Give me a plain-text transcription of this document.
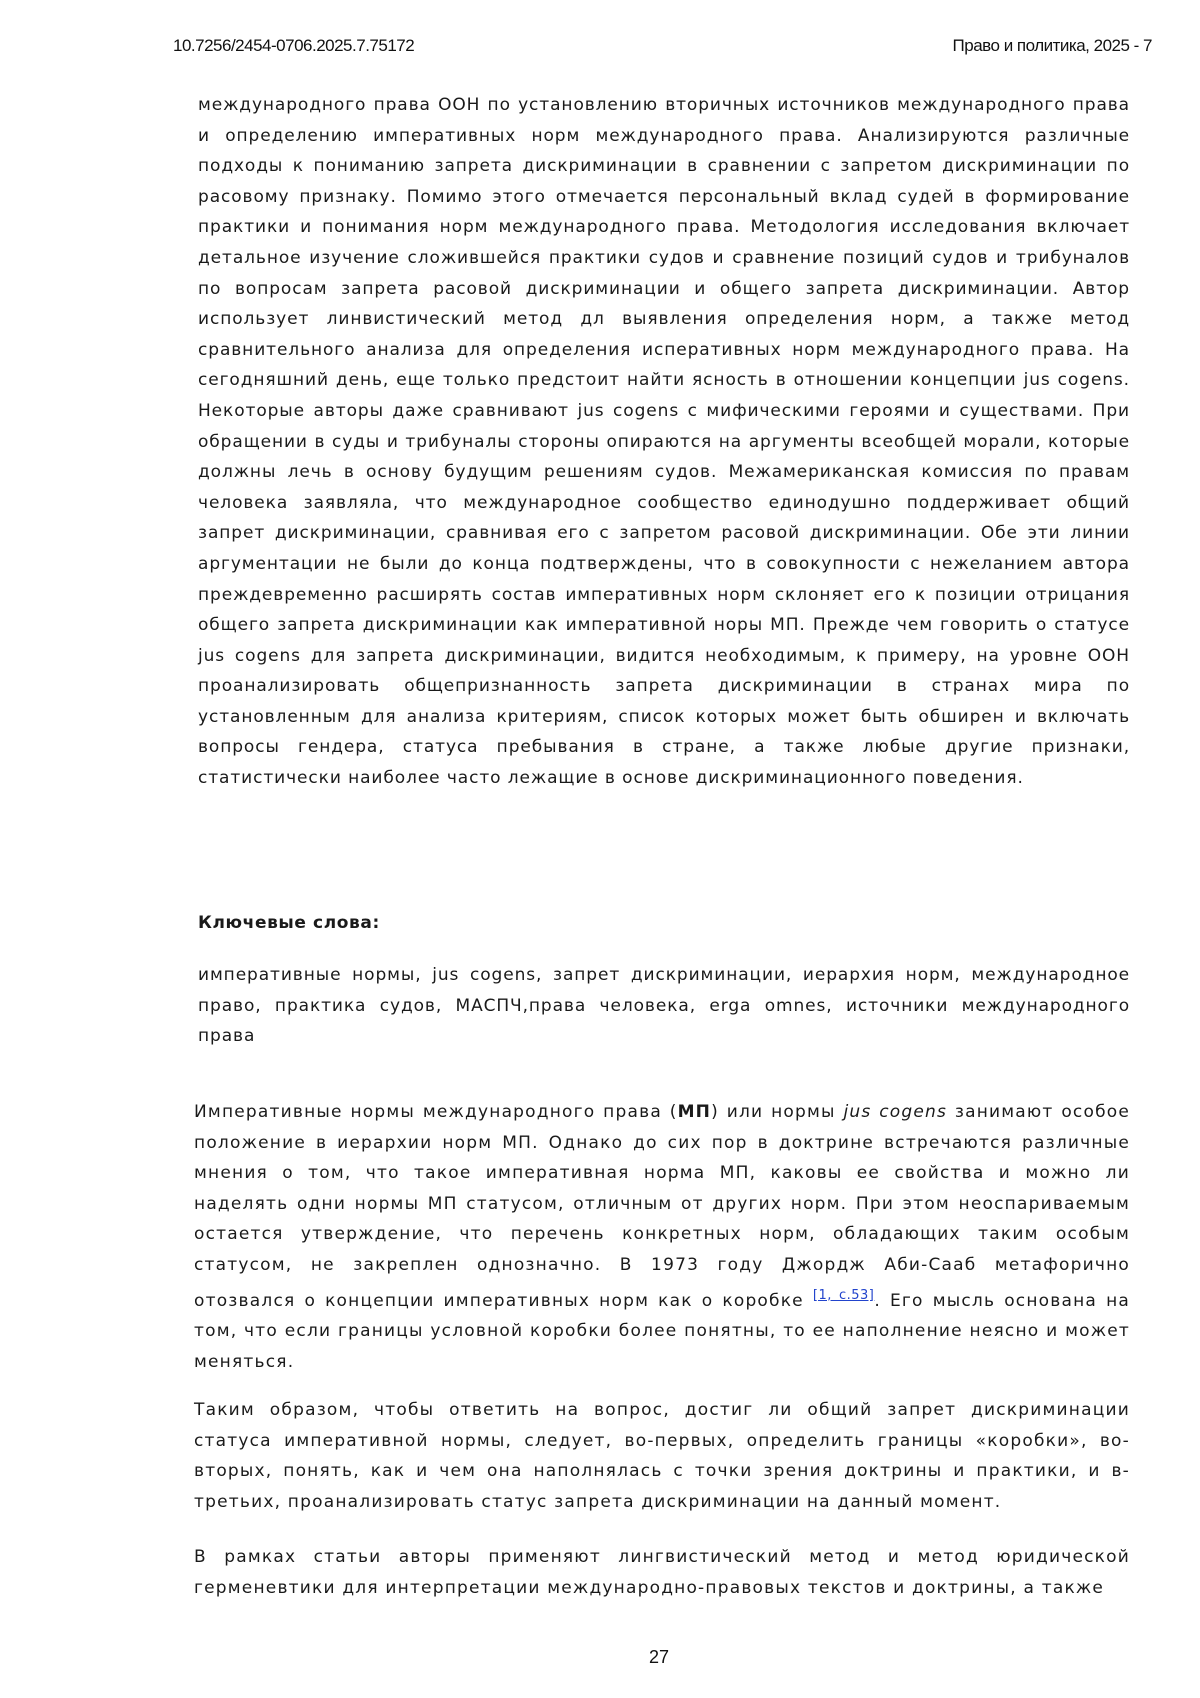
10.7256/2454-0706.2025.7.75172	Право и политика, 2025 - 7

международного права ООН по установлению вторичных источников международного права и определению императивных норм международного права. Анализируются различные подходы к пониманию запрета дискриминации в сравнении с запретом дискриминации по расовому признаку. Помимо этого отмечается персональный вклад судей в формирование практики и понимания норм международного права. Методология исследования включает детальное изучение сложившейся практики судов и сравнение позиций судов и трибуналов по вопросам запрета расовой дискриминации и общего запрета дискриминации. Автор использует линвистический метод дл выявления определения норм, а также метод сравнительного анализа для определения исперативных норм международного права. На сегодняшний день, еще только предстоит найти ясность в отношении концепции jus cogens. Некоторые авторы даже сравнивают jus cogens с мифическими героями и существами. При обращении в суды и трибуналы стороны опираются на аргументы всеобщей морали, которые должны лечь в основу будущим решениям судов. Межамериканская комиссия по правам человека заявляла, что международное сообщество единодушно поддерживает общий запрет дискриминации, сравнивая его с запретом расовой дискриминации. Обе эти линии аргументации не были до конца подтверждены, что в совокупности с нежеланием автора преждевременно расширять состав императивных норм склоняет его к позиции отрицания общего запрета дискриминации как императивной норы МП. Прежде чем говорить о статусе jus cogens для запрета дискриминации, видится необходимым, к примеру, на уровне ООН проанализировать общепризнанность запрета дискриминации в странах мира по установленным для анализа критериям, список которых может быть обширен и включать вопросы гендера, статуса пребывания в стране, а также любые другие признаки, статистически наиболее часто лежащие в основе дискриминационного поведения.

Ключевые слова:

императивные нормы, jus cogens, запрет дискриминации, иерархия норм, международное право, практика судов, МАСПЧ,права человека, erga omnes, источники международного права

Императивные нормы международного права (МП) или нормы jus cogens занимают особое положение в иерархии норм МП. Однако до сих пор в доктрине встречаются различные мнения о том, что такое императивная норма МП, каковы ее свойства и можно ли наделять одни нормы МП статусом, отличным от других норм. При этом неоспариваемым остается утверждение, что перечень конкретных норм, обладающих таким особым статусом, не закреплен однозначно. В 1973 году Джордж Аби-Сааб метафорично отозвался о концепции императивных норм как о коробке [1, с.53]. Его мысль основана на том, что если границы условной коробки более понятны, то ее наполнение неясно и может меняться.

Таким образом, чтобы ответить на вопрос, достиг ли общий запрет дискриминации статуса императивной нормы, следует, во-первых, определить границы «коробки», во-вторых, понять, как и чем она наполнялась с точки зрения доктрины и практики, и в-третьих, проанализировать статус запрета дискриминации на данный момент.

В рамках статьи авторы применяют лингвистический метод и метод юридической герменевтики для интерпретации международно-правовых текстов и доктрины, а также

27
